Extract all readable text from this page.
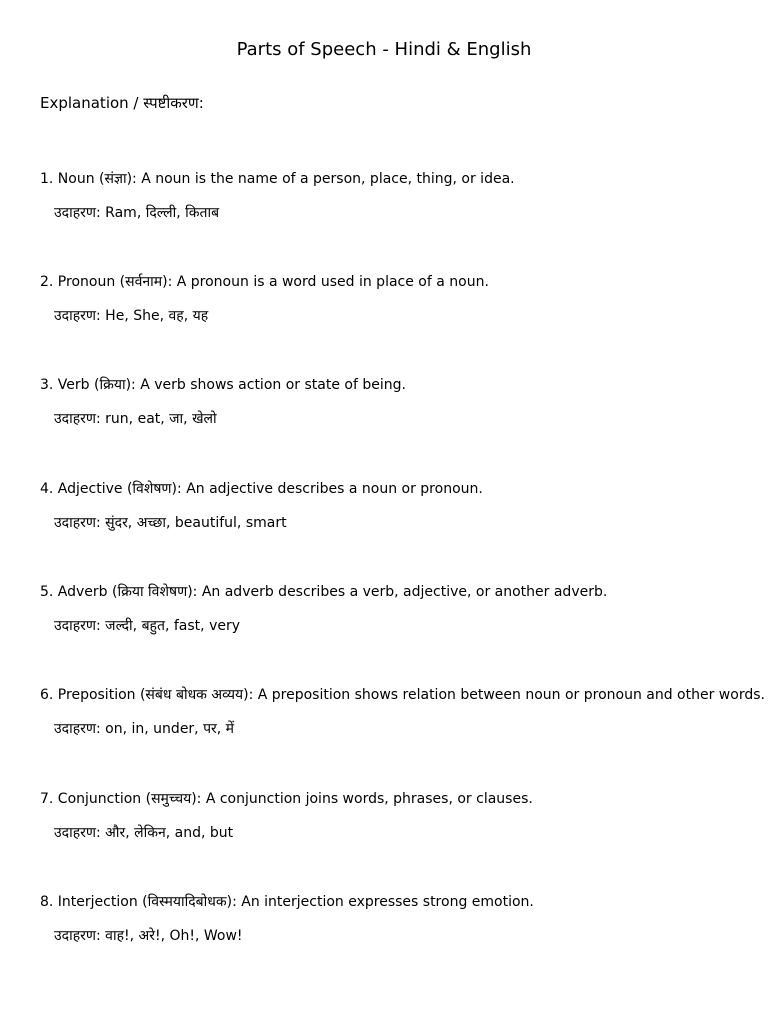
Parts of Speech - Hindi & English
Explanation / स्पष्टीकरण:
1. Noun (संज्ञा): A noun is the name of a person, place, thing, or idea.
उदाहरण: Ram, दिल्ली, किताब
2. Pronoun (सर्वनाम): A pronoun is a word used in place of a noun.
उदाहरण: He, She, वह, यह
3. Verb (क्रिया): A verb shows action or state of being.
उदाहरण: run, eat, जा, खेलो
4. Adjective (विशेषण): An adjective describes a noun or pronoun.
उदाहरण: सुंदर, अच्छा, beautiful, smart
5. Adverb (क्रिया विशेषण): An adverb describes a verb, adjective, or another adverb.
उदाहरण: जल्दी, बहुत, fast, very
6. Preposition (संबंध बोधक अव्यय): A preposition shows relation between noun or pronoun and other words.
उदाहरण: on, in, under, पर, में
7. Conjunction (समुच्चय): A conjunction joins words, phrases, or clauses.
उदाहरण: और, लेकिन, and, but
8. Interjection (विस्मयादिबोधक): An interjection expresses strong emotion.
उदाहरण: वाह!, अरे!, Oh!, Wow!
